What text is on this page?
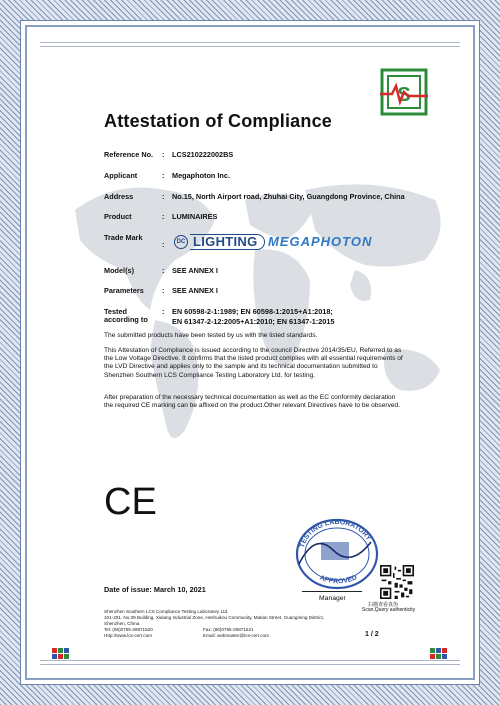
S
Attestation of Compliance
Reference No.	: LCS210222002BS
Applicant	: Megaphoton Inc.
Address	: No.15, North Airport road, Zhuhai City, Guangdong Province, China
Product	: LUMINAIRES
Trade Mark
:	DC LIGHTING MEGAPHOTON
Model(s)	: SEE ANNEX I
Parameters	: SEE ANNEX I
Tested
according to
: EN 60598-2-1:1989; EN 60598-1:2015+A1:2018;
EN 61347-2-12:2005+A1:2010; EN 61347-1:2015
The submitted products have been tested by us with the listed standards.
This Attestation of Compliance is issued according to the council Directive 2014/35/EU, Referred to as the Low Voltage Directive. It confirms that the listed product complies with all essential requirements of the LVD Directive and applies only to the sample and its technical documentation submitted to Shenzhen Southern LCS Compliance Testing Laboratory Ltd. for testing.
After preparation of the necessary technical documentation as well as the EC conformity declaration the required CE marking can be affixed on the product.Other relevant Directives have to be observed.
CE
TESTING LABORATORY
APPROVED
Date of issue: March 10, 2021
Manager
扫描查看真伪
Scan,Query authenticity
Shenzhen Southern LCS Compliance Testing Laboratory Ltd.
101-201, No.39 Building, Xialang Industrial Zone, Heshuikou Community, Matian Street, Guangming District,
Shenzhen, China
Tel: (86)0755-29871520
Http://www.lcs-cert.com
Fax: (86)0755-29871521
Email: webmaster@lcs-cert.com	1 / 2
